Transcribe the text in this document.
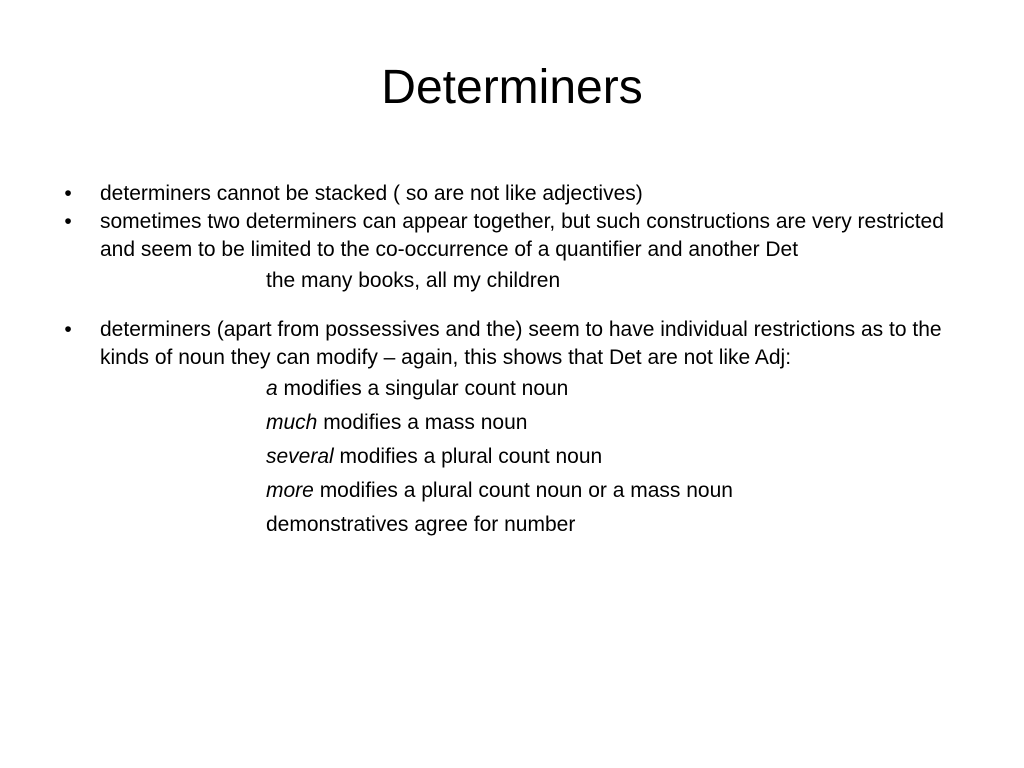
Determiners
•	determiners cannot be stacked ( so are not like adjectives)
•	sometimes two determiners can appear together, but such constructions are very restricted and seem to be limited to the co-occurrence of a quantifier and another Det
the many books, all my children
•	determiners (apart from possessives and the) seem to have individual restrictions as to the kinds of noun they can modify – again, this shows that Det are not like Adj:
a modifies a singular count noun
much modifies a mass noun
several modifies a plural count noun
more modifies a plural count noun or a mass noun
demonstratives agree for number
